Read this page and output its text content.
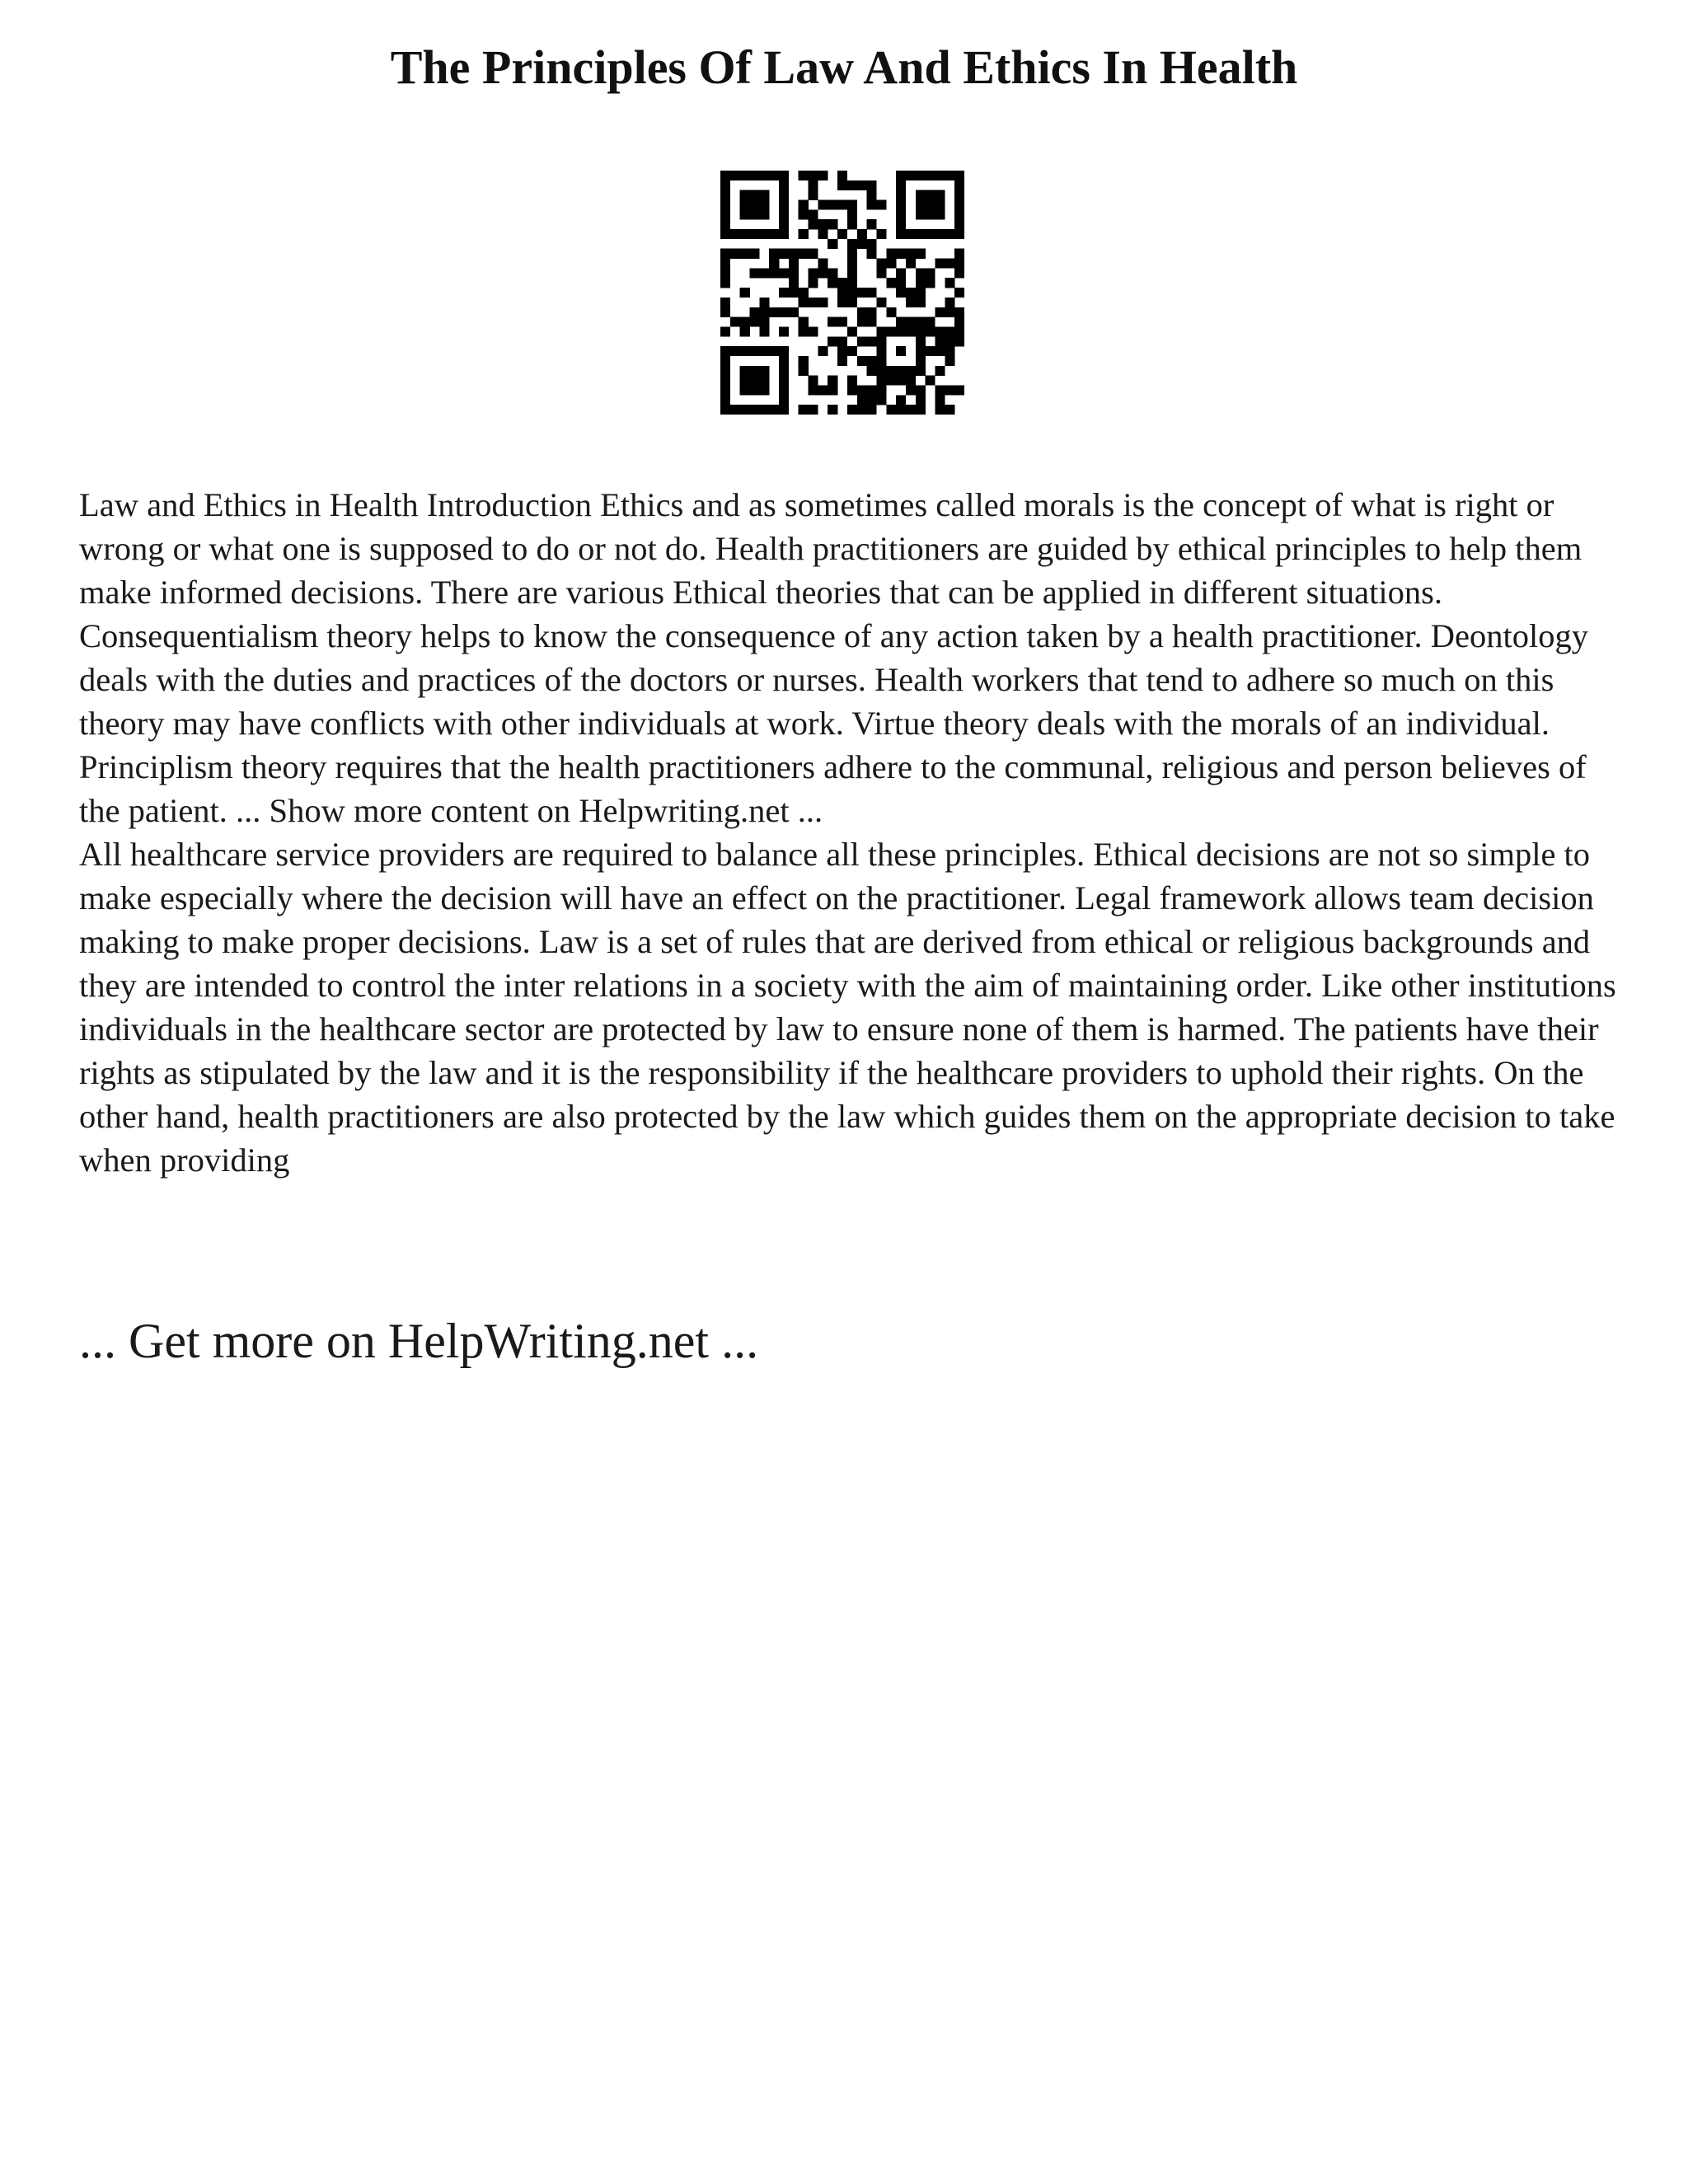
The Principles Of Law And Ethics In Health

Law and Ethics in Health Introduction Ethics and as sometimes called morals is the concept of what is right or wrong or what one is supposed to do or not do. Health practitioners are guided by ethical principles to help them make informed decisions. There are various Ethical theories that can be applied in different situations. Consequentialism theory helps to know the consequence of any action taken by a health practitioner. Deontology deals with the duties and practices of the doctors or nurses. Health workers that tend to adhere so much on this theory may have conflicts with other individuals at work. Virtue theory deals with the morals of an individual. Principlism theory requires that the health practitioners adhere to the communal, religious and person believes of the patient. ... Show more content on Helpwriting.net ...

All healthcare service providers are required to balance all these principles. Ethical decisions are not so simple to make especially where the decision will have an effect on the practitioner. Legal framework allows team decision making to make proper decisions. Law is a set of rules that are derived from ethical or religious backgrounds and they are intended to control the inter relations in a society with the aim of maintaining order. Like other institutions individuals in the healthcare sector are protected by law to ensure none of them is harmed. The patients have their rights as stipulated by the law and it is the responsibility if the healthcare providers to uphold their rights. On the other hand, health practitioners are also protected by the law which guides them on the appropriate decision to take when providing

... Get more on HelpWriting.net ...
